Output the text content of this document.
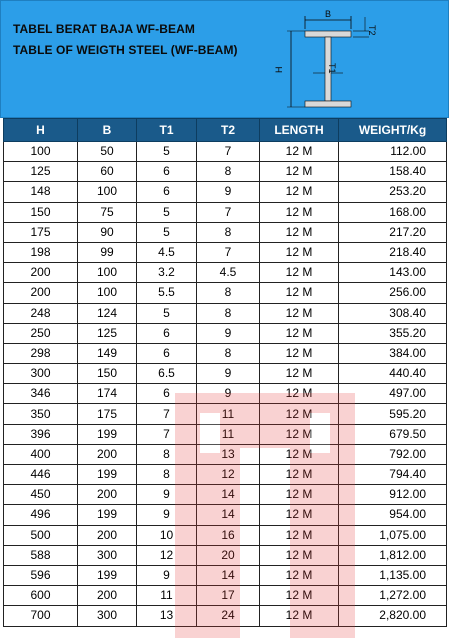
TABEL BERAT BAJA WF-BEAM
TABLE OF WEIGTH STEEL (WF-BEAM)
B
T2
H	T1
H	B	T1	T2	LENGTH	WEIGHT/Kg
100	50	5	7	12 M	112.00
125	60	6	8	12 M	158.40
148	100	6	9	12 M	253.20
150	75	5	7	12 M	168.00
175	90	5	8	12 M	217.20
198	99	4.5	7	12 M	218.40
200	100	3.2	4.5	12 M	143.00
200	100	5.5	8	12 M	256.00
248	124	5	8	12 M	308.40
250	125	6	9	12 M	355.20
298	149	6	8	12 M	384.00
300	150	6.5	9	12 M	440.40
346	174	6	9	12 M	497.00
350	175	7	11	12 M	595.20
396	199	7	11	12 M	679.50
400	200	8	13	12 M	792.00
446	199	8	12	12 M	794.40
450	200	9	14	12 M	912.00
496	199	9	14	12 M	954.00
500	200	10	16	12 M	1,075.00
588	300	12	20	12 M	1,812.00
596	199	9	14	12 M	1,135.00
600	200	11	17	12 M	1,272.00
700	300	13	24	12 M	2,820.00
